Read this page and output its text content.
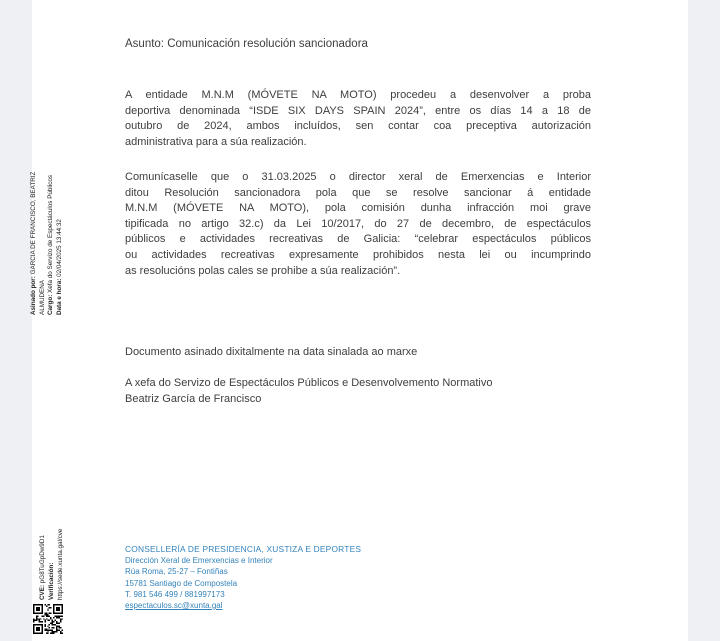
Asunto: Comunicación resolución sancionadora
A entidade M.N.M (MÓVETE NA MOTO) procedeu a desenvolver a proba
deportiva denominada “ISDE SIX DAYS SPAIN 2024”, entre os días 14 a 18 de
outubro de 2024, ambos incluídos, sen contar coa preceptiva autorización
administrativa para a súa realización.
Comunícaselle que o 31.03.2025 o director xeral de Emerxencias e Interior
ditou Resolución sancionadora pola que se resolve sancionar á entidade
M.N.M (MÓVETE NA MOTO), pola comisión dunha infracción moi grave
tipificada no artigo 32.c) da Lei 10/2017, do 27 de decembro, de espectáculos
públicos e actividades recreativas de Galicia: “celebrar espectáculos públicos
ou actividades recreativas expresamente prohibidos nesta lei ou incumprindo
as resolucións polas cales se prohibe a súa realización”.
Documento asinado dixitalmente na data sinalada ao marxe
A xefa do Servizo de Espectáculos Públicos e Desenvolvemento Normativo
Beatriz García de Francisco
CONSELLERÍA DE PRESIDENCIA, XUSTIZA E DEPORTES
Dirección Xeral de Emerxencias e Interior
Rúa Roma, 25-27 – Fontiñas
15781 Santiago de Compostela
T. 981 546 499 / 881997173
espectaculos.sc@xunta.gal
Asinado por: GARCIA DE FRANCISCO, BEATRIZ
ALMUDENA Cargo: Xefa do Servizo de Espectáculos Públicos
Data e hora: 02/04/2025 13:44:32
CVE: pG8TuGpDw9D1 Verificación: https://sede.xunta.gal/cve
